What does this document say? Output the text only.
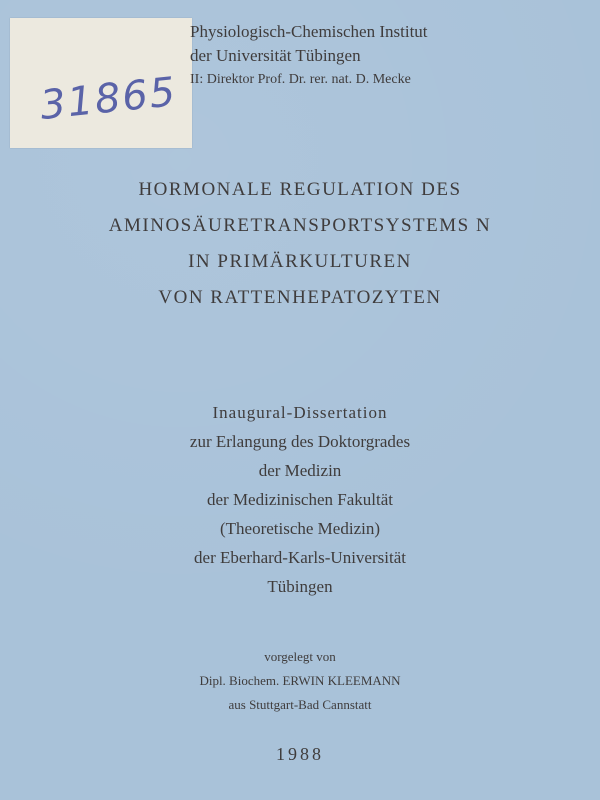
31865
Physiologisch-Chemischen Institut
der Universität Tübingen
II: Direktor Prof. Dr. rer. nat. D. Mecke
HORMONALE REGULATION DES
AMINOSÄURETRANSPORTSYSTEMS N
IN PRIMÄRKULTUREN
VON RATTENHEPATOZYTEN
Inaugural-Dissertation
zur Erlangung des Doktorgrades
der Medizin
der Medizinischen Fakultät
(Theoretische Medizin)
der Eberhard-Karls-Universität
Tübingen
vorgelegt von
Dipl. Biochem. ERWIN KLEEMANN
aus Stuttgart-Bad Cannstatt
1988
